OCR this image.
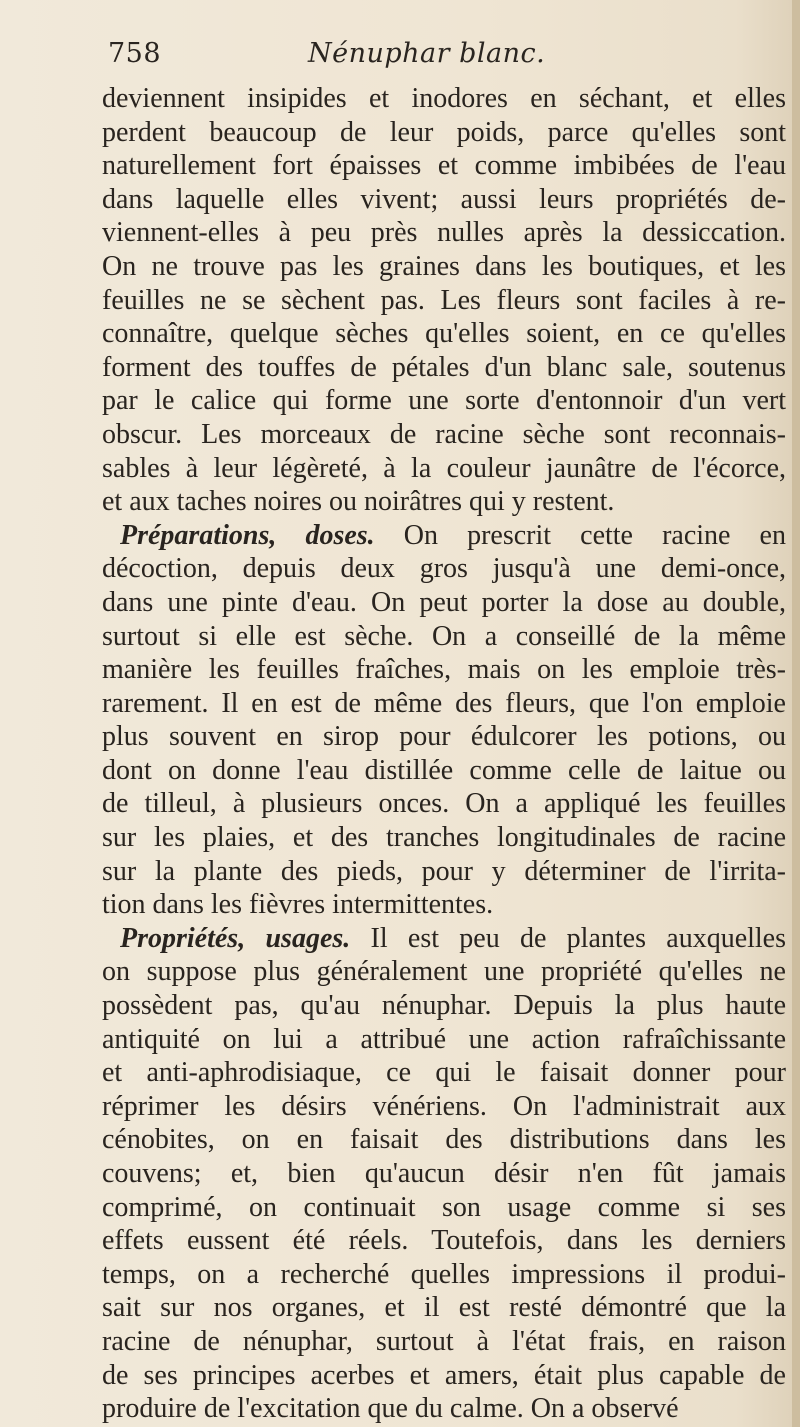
758	Nénuphar blanc.
deviennent insipides et inodores en séchant, et elles
perdent beaucoup de leur poids, parce qu'elles sont
naturellement fort épaisses et comme imbibées de l'eau
dans laquelle elles vivent; aussi leurs propriétés de-
viennent-elles à peu près nulles après la dessiccation.
On ne trouve pas les graines dans les boutiques, et les
feuilles ne se sèchent pas. Les fleurs sont faciles à re-
connaître, quelque sèches qu'elles soient, en ce qu'elles
forment des touffes de pétales d'un blanc sale, soutenus
par le calice qui forme une sorte d'entonnoir d'un vert
obscur. Les morceaux de racine sèche sont reconnais-
sables à leur légèreté, à la couleur jaunâtre de l'écorce,
et aux taches noires ou noirâtres qui y restent.
Préparations, doses. On prescrit cette racine en
décoction, depuis deux gros jusqu'à une demi-once,
dans une pinte d'eau. On peut porter la dose au double,
surtout si elle est sèche. On a conseillé de la même
manière les feuilles fraîches, mais on les emploie très-
rarement. Il en est de même des fleurs, que l'on emploie
plus souvent en sirop pour édulcorer les potions, ou
dont on donne l'eau distillée comme celle de laitue ou
de tilleul, à plusieurs onces. On a appliqué les feuilles
sur les plaies, et des tranches longitudinales de racine
sur la plante des pieds, pour y déterminer de l'irrita-
tion dans les fièvres intermittentes.
Propriétés, usages. Il est peu de plantes auxquelles
on suppose plus généralement une propriété qu'elles ne
possèdent pas, qu'au nénuphar. Depuis la plus haute
antiquité on lui a attribué une action rafraîchissante
et anti-aphrodisiaque, ce qui le faisait donner pour
réprimer les désirs vénériens. On l'administrait aux
cénobites, on en faisait des distributions dans les
couvens; et, bien qu'aucun désir n'en fût jamais
comprimé, on continuait son usage comme si ses
effets eussent été réels. Toutefois, dans les derniers
temps, on a recherché quelles impressions il produi-
sait sur nos organes, et il est resté démontré que la
racine de nénuphar, surtout à l'état frais, en raison
de ses principes acerbes et amers, était plus capable de
produire de l'excitation que du calme. On a observé
